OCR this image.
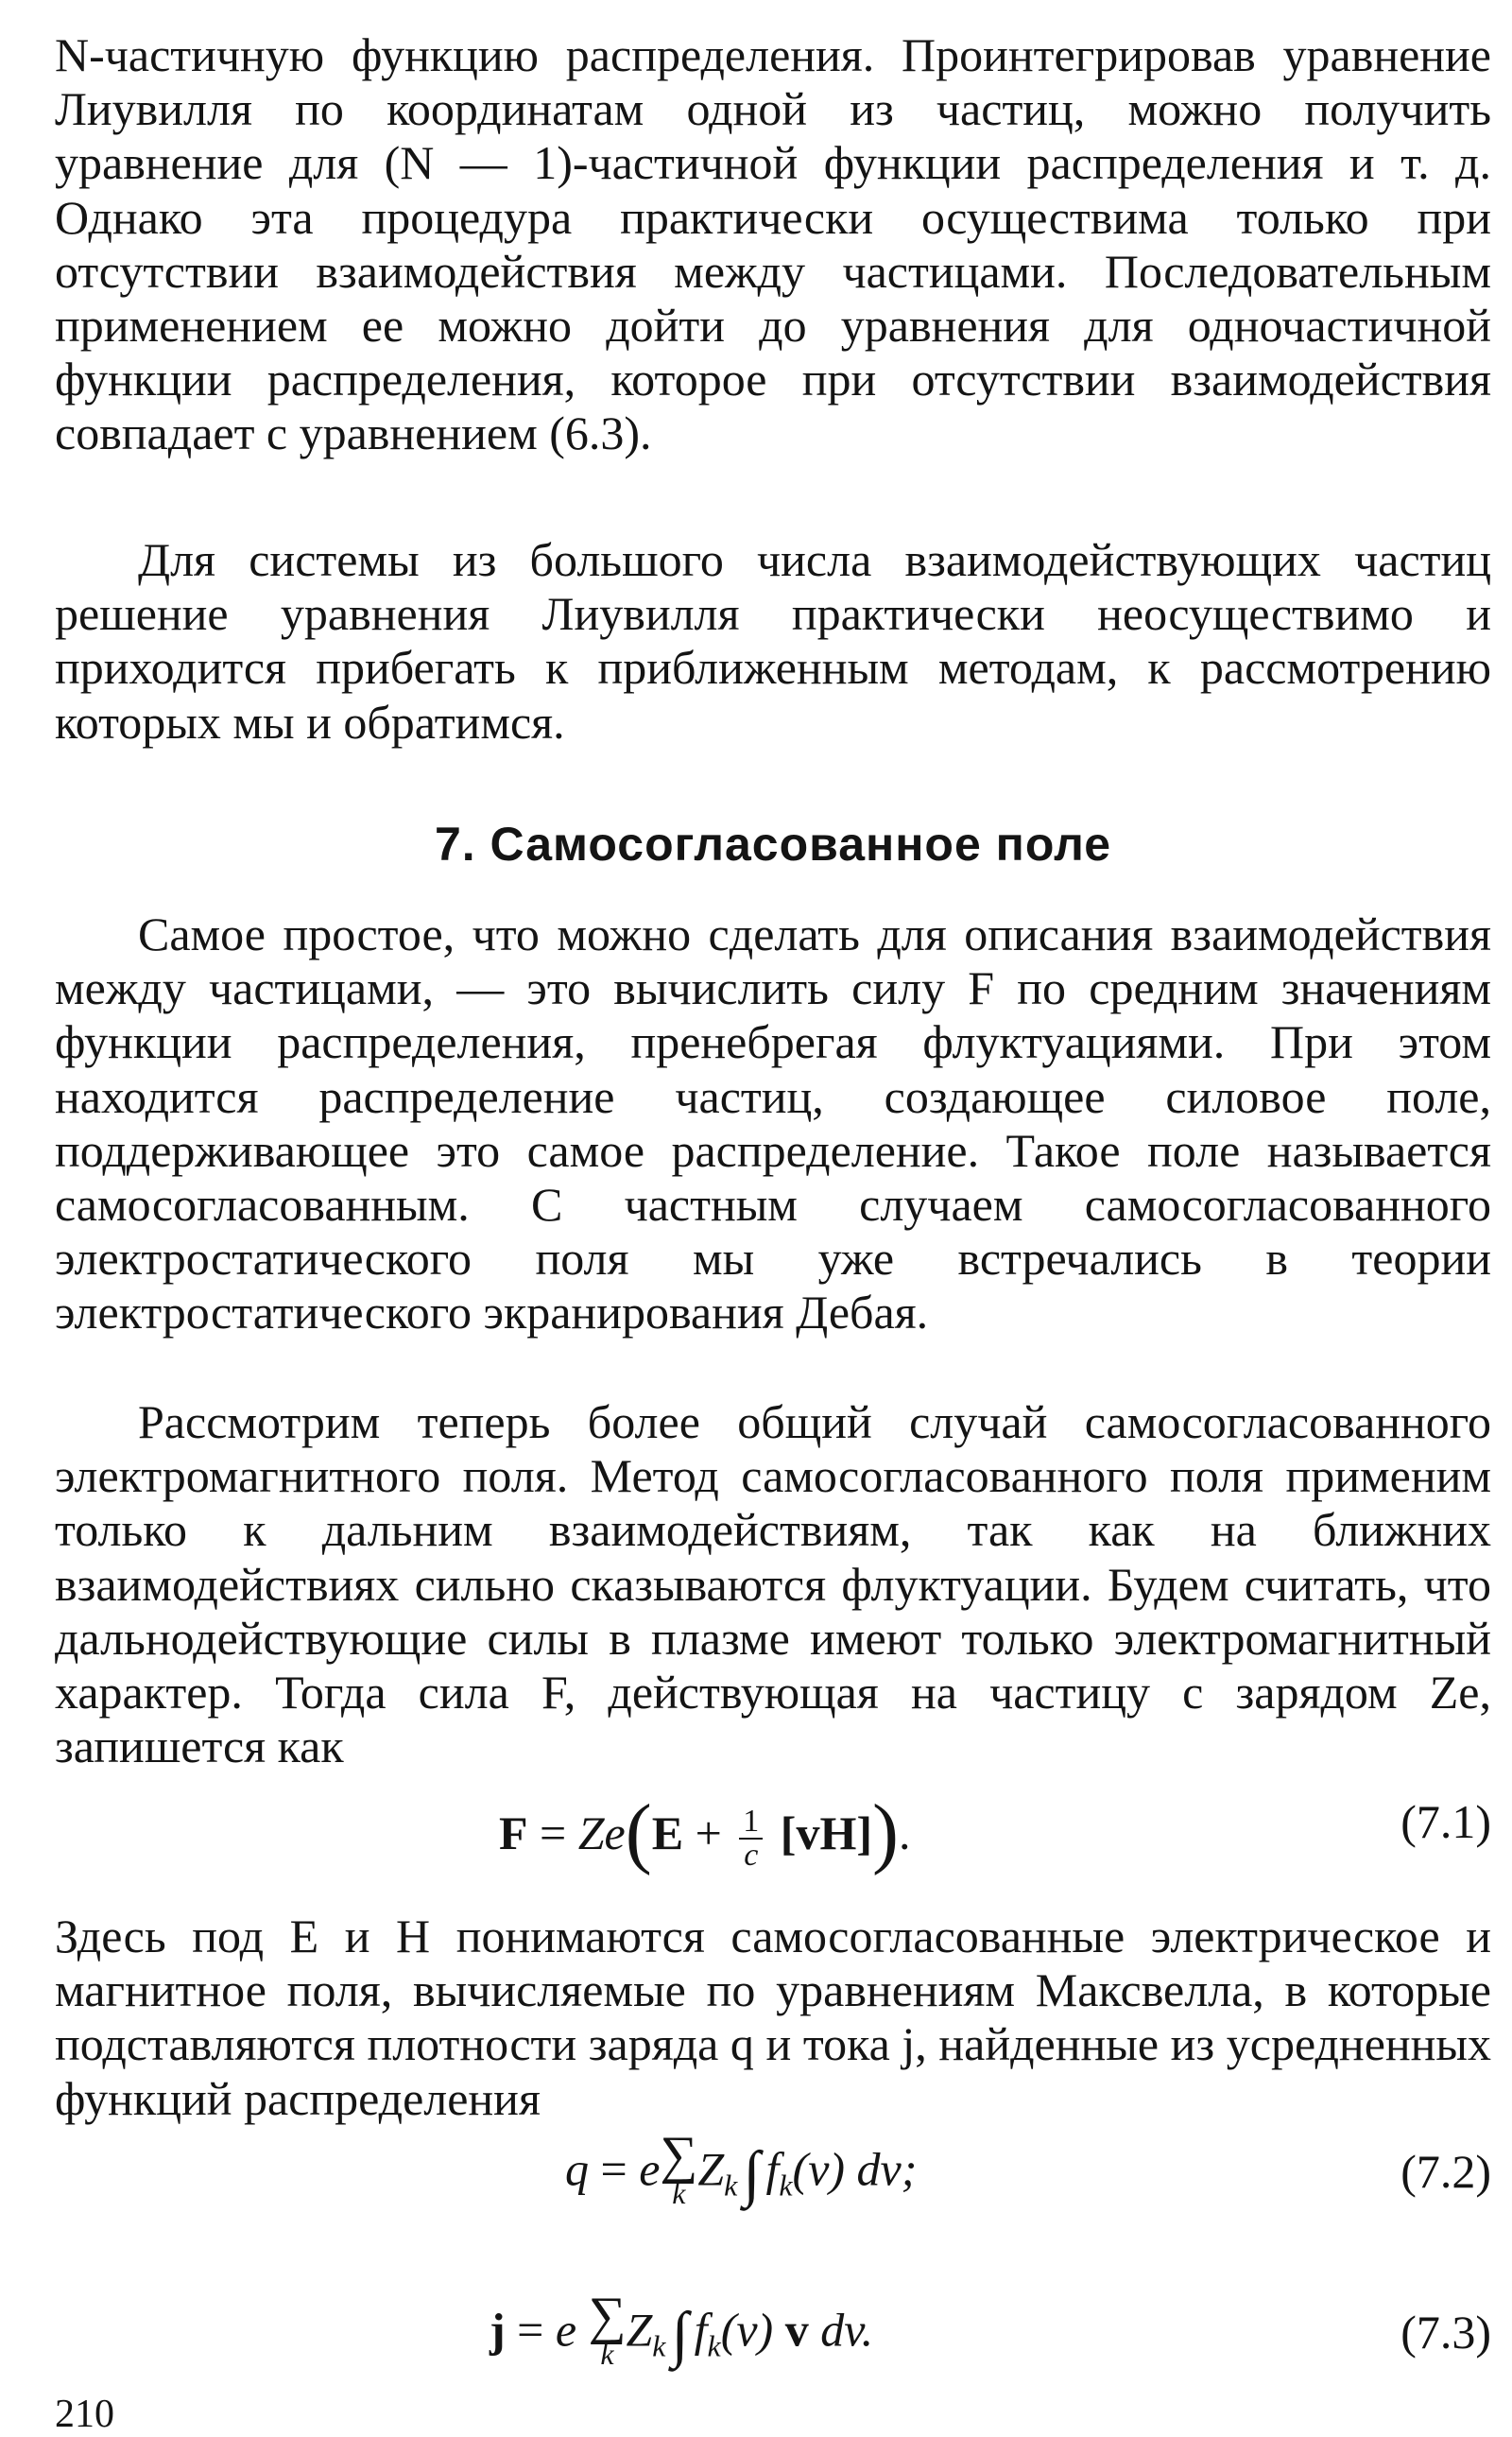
N-частичную функцию распределения. Проинтегрировав уравнение Лиувилля по координатам одной из частиц, можно получить уравнение для (N — 1)-частичной функции распределения и т. д. Однако эта процедура практически осуществима только при отсутствии взаимодействия между частицами. Последовательным применением ее можно дойти до уравнения для одночастичной функции распределения, которое при отсутствии взаимодействия совпадает с уравнением (6.3).

Для системы из большого числа взаимодействующих частиц решение уравнения Лиувилля практически неосуществимо и приходится прибегать к приближенным методам, к рассмотрению которых мы и обратимся.

7. Самосогласованное поле

Самое простое, что можно сделать для описания взаимодействия между частицами, — это вычислить силу F по средним значениям функции распределения, пренебрегая флуктуациями. При этом находится распределение частиц, создающее силовое поле, поддерживающее это самое распределение. Такое поле называется самосогласованным. С частным случаем самосогласованного электростатического поля мы уже встречались в теории электростатического экранирования Дебая.

Рассмотрим теперь более общий случай самосогласованного электромагнитного поля. Метод самосогласованного поля применим только к дальним взаимодействиям, так как на ближних взаимодействиях сильно сказываются флуктуации. Будем считать, что дальнодействующие силы в плазме имеют только электромагнитный характер. Тогда сила F, действующая на частицу с зарядом Ze, запишется как

$F = Ze(E + \frac{1}{c} [vH])$.	(7.1)

Здесь под E и H понимаются самосогласованные электрическое и магнитное поля, вычисляемые по уравнениям Максвелла, в которые подставляются плотности заряда q и тока j, найденные из усредненных функций распределения

q = e ∑
k $Z_k\int$ $f_k(v)$ dv;	(7.2)
j = e ∑
k $Z_k\int$ $f_k(v)$ v dv.	(7.3)
210
